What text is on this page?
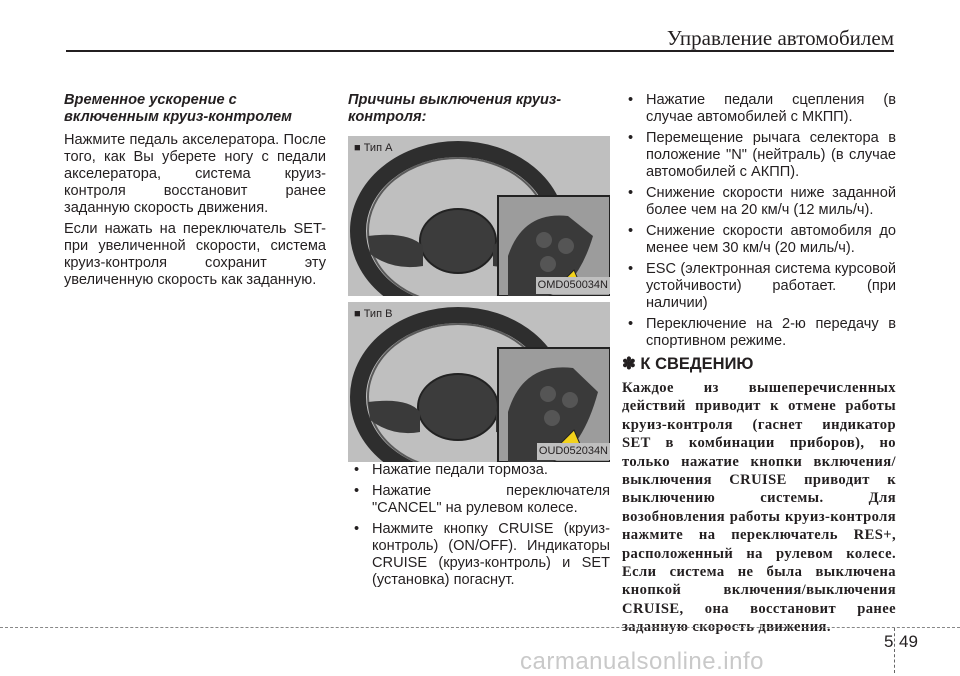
Управление автомобилем
Временное ускорение с включенным круиз-контролем

Нажмите педаль акселератора. После того, как Вы уберете ногу с педали акселератора, система круиз-контроля восстановит ранее заданную скорость движения.

Если нажать на переключатель SET- при увеличенной скорости, система круиз-контроля сохранит эту увеличенную скорость как заданную.

Причины выключения круиз-контроля:
■ Тип A
OMD050034N
■ Тип B
OUD052034N
• Нажатие педали тормоза.
• Нажатие переключателя "CANCEL" на рулевом колесе.
• Нажмите кнопку CRUISE (круиз-контроль) (ON/OFF). Индикаторы CRUISE (круиз-контроль) и SET (установка) погаснут.
• Нажатие педали сцепления (в случае автомобилей с МКПП).
• Перемещение рычага селектора в положение "N" (нейтраль) (в случае автомобилей с АКПП).
• Снижение скорости ниже заданной более чем на 20 км/ч (12 миль/ч).
• Снижение скорости автомобиля до менее чем 30 км/ч (20 миль/ч).
• ESC (электронная система курсовой устойчивости) работает. (при наличии)
• Переключение на 2-ю передачу в спортивном режиме.
✽ К СВЕДЕНИЮ
Каждое из вышеперечисленных действий приводит к отмене работы круиз-контроля (гаснет индикатор SET в комбинации приборов), но только нажатие кнопки включения/выключения CRUISE приводит к выключению системы. Для возобновления работы круиз-контроля нажмите на переключатель RES+, расположенный на рулевом колесе. Если система не была выключена кнопкой включения/выключения CRUISE, она восстановит ранее заданную скорость движения.
5 49
carmanualsonline.info
